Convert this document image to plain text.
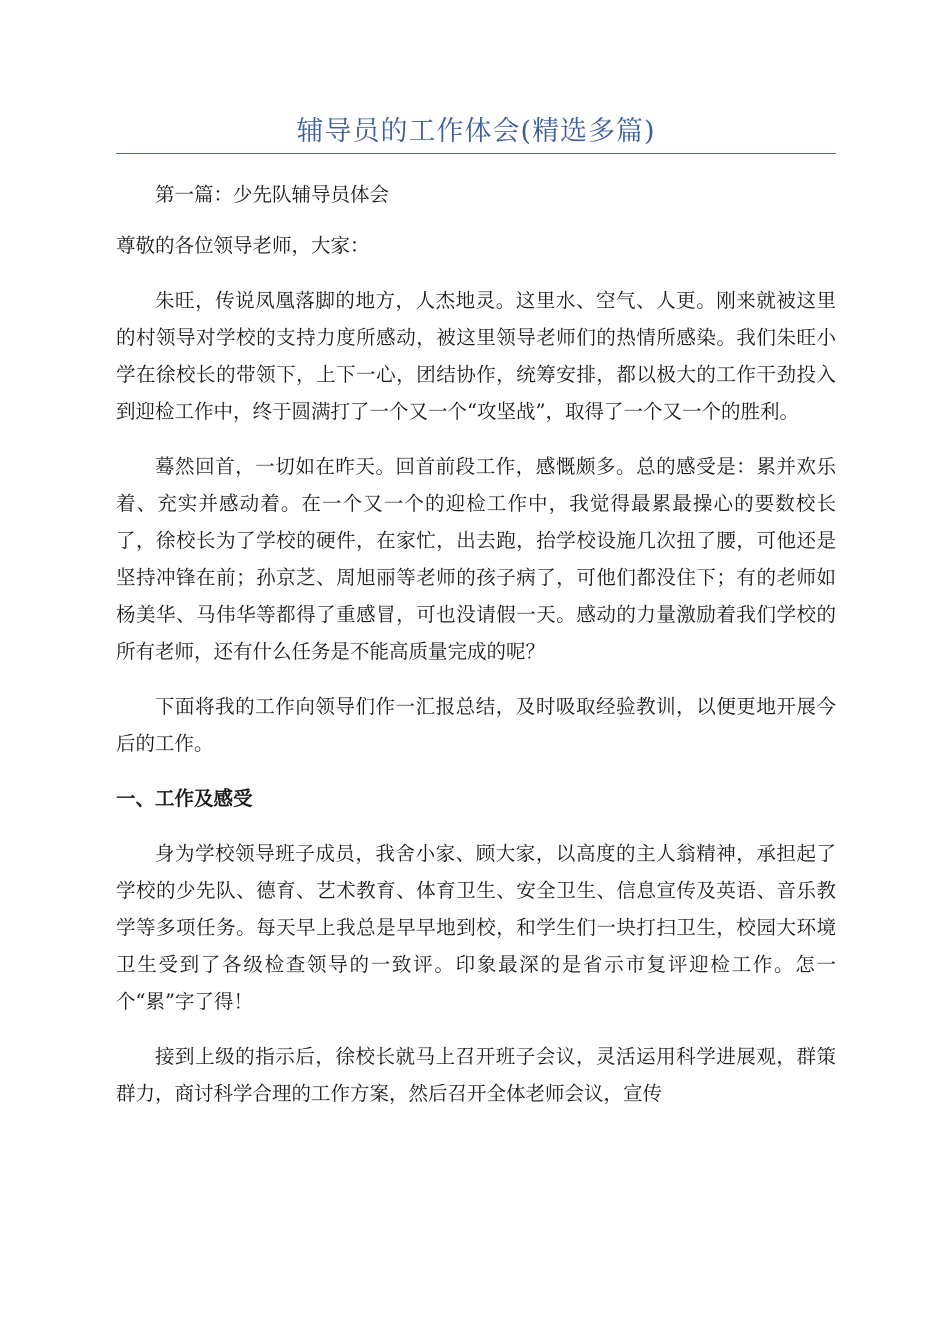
辅导员的工作体会(精选多篇)

第一篇：少先队辅导员体会

尊敬的各位领导老师，大家：

朱旺，传说凤凰落脚的地方，人杰地灵。这里水、空气、人更。刚来就被这里的村领导对学校的支持力度所感动，被这里领导老师们的热情所感染。我们朱旺小学在徐校长的带领下，上下一心，团结协作，统筹安排，都以极大的工作干劲投入到迎检工作中，终于圆满打了一个又一个“攻坚战”，取得了一个又一个的胜利。

蓦然回首，一切如在昨天。回首前段工作，感慨颇多。总的感受是：累并欢乐着、充实并感动着。在一个又一个的迎检工作中，我觉得最累最操心的要数校长了，徐校长为了学校的硬件，在家忙，出去跑，抬学校设施几次扭了腰，可他还是坚持冲锋在前；孙京芝、周旭丽等老师的孩子病了，可他们都没住下；有的老师如杨美华、马伟华等都得了重感冒，可也没请假一天。感动的力量激励着我们学校的所有老师，还有什么任务是不能高质量完成的呢？

下面将我的工作向领导们作一汇报总结，及时吸取经验教训，以便更地开展今后的工作。

一、工作及感受

身为学校领导班子成员，我舍小家、顾大家，以高度的主人翁精神，承担起了学校的少先队、德育、艺术教育、体育卫生、安全卫生、信息宣传及英语、音乐教学等多项任务。每天早上我总是早早地到校，和学生们一块打扫卫生，校园大环境卫生受到了各级检查领导的一致评。印象最深的是省示市复评迎检工作。怎一个“累”字了得！

接到上级的指示后，徐校长就马上召开班子会议，灵活运用科学进展观，群策群力，商讨科学合理的工作方案，然后召开全体老师会议，宣传
